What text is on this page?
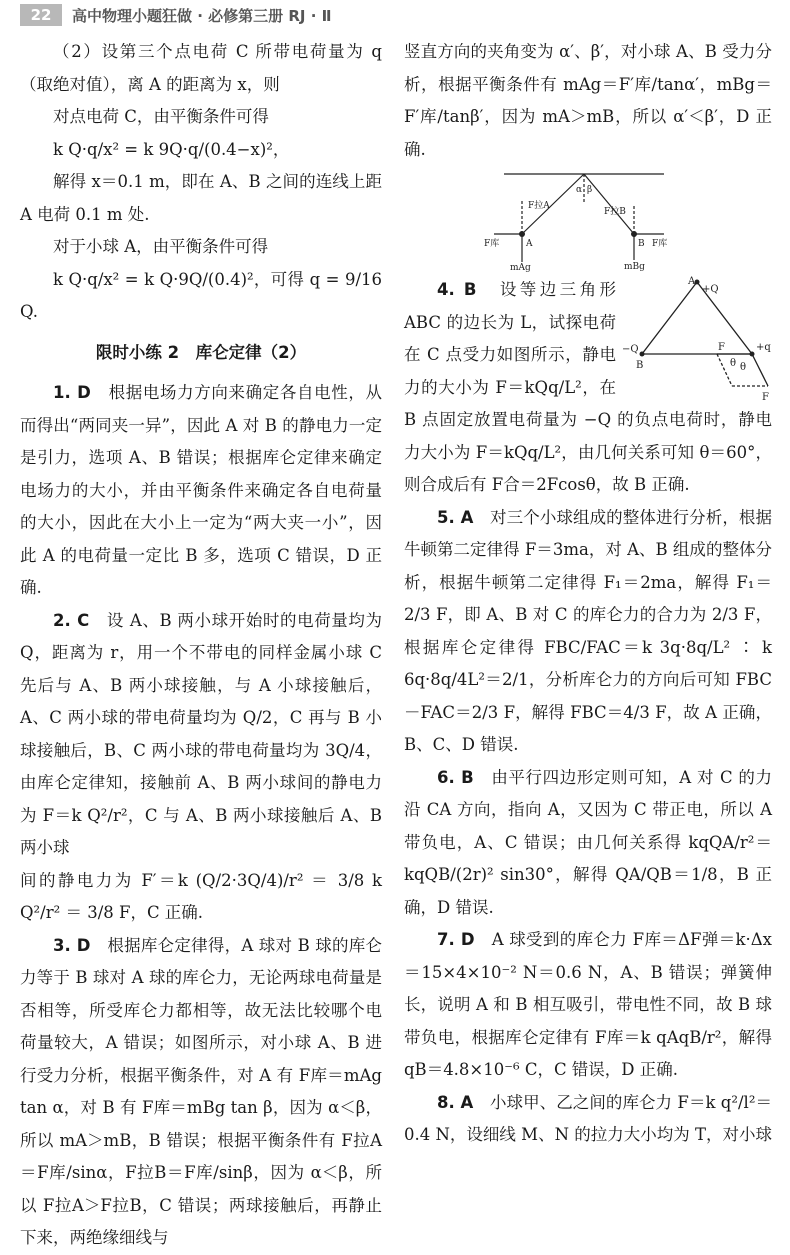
22	高中物理小题狂做 · 必修第三册 RJ · Ⅱ

（2）设第三个点电荷 C 所带电荷量为 q（取绝对值），离 A 的距离为 x，则

对点电荷 C，由平衡条件可得

k Q·q/x² = k 9Q·q/(0.4−x)²，

解得 x＝0.1 m，即在 A、B 之间的连线上距 A 电荷 0.1 m 处.

对于小球 A，由平衡条件可得

k Q·q/x² = k Q·9Q/(0.4)²，可得 q = 9/16 Q.

限时小练 2　库仑定律（2）

1. D　 根据电场力方向来确定各自电性，从而得出“两同夹一异”，因此 A 对 B 的静电力一定是引力，选项 A、B 错误；根据库仑定律来确定电场力的大小，并由平衡条件来确定各自电荷量的大小，因此在大小上一定为“两大夹一小”，因此 A 的电荷量一定比 B 多，选项 C 错误，D 正确.

2. C　 设 A、B 两小球开始时的电荷量均为 Q，距离为 r，用一个不带电的同样金属小球 C 先后与 A、B 两小球接触，与 A 小球接触后，A、C 两小球的带电荷量均为 Q/2，C 再与 B 小球接触后，B、C 两小球的带电荷量均为 3Q/4，由库仑定律知，接触前 A、B 两小球间的静电力为 F＝k Q²/r²，C 与 A、B 两小球接触后 A、B 两小球

间的静电力为 F′＝k (Q/2·3Q/4)/r² ＝ 3/8 k Q²/r² ＝ 3/8 F，C 正确.

3. D　 根据库仑定律得，A 球对 B 球的库仑力等于 B 球对 A 球的库仑力，无论两球电荷量是否相等，所受库仑力都相等，故无法比较哪个电荷量较大，A 错误；如图所示，对小球 A、B 进行受力分析，根据平衡条件，对 A 有 F库＝mAg tan α，对 B 有 F库＝mBg tan β，因为 α＜β，所以 mA＞mB，B 错误；根据平衡条件有 F拉A＝F库/sinα，F拉B＝F库/sinβ，因为 α＜β，所以 F拉A＞F拉B，C 错误；两球接触后，再静止下来，两绝缘细线与

竖直方向的夹角变为 α′、β′，对小球 A、B 受力分析，根据平衡条件有 mAg＝F′库/tanα′，mBg＝F′库/tanβ′，因为 mA＞mB，所以 α′＜β′，D 正确.

α β
F拉A
F拉B
F库	F库
A	B
mAg	mBg

A
+Q
−Q
B
F	+q
θ
θ
F
4. B　 设等边三角形 ABC 的边长为 L，试探电荷在 C 点受力如图所示，静电力的大小为 F＝kQq/L²，在 B 点固定放置电荷量为 −Q 的负点电荷时，静电力大小为 F＝kQq/L²，由几何关系可知 θ＝60°，则合成后有 F合＝2Fcosθ，故 B 正确.

5. A　 对三个小球组成的整体进行分析，根据牛顿第二定律得 F＝3ma，对 A、B 组成的整体分析，根据牛顿第二定律得 F₁＝2ma，解得 F₁＝2/3 F，即 A、B 对 C 的库仑力的合力为 2/3 F，根据库仑定律得 FBC/FAC＝k 3q·8q/L² ∶ k 6q·8q/4L²＝2/1，分析库仑力的方向后可知 FBC－FAC＝2/3 F，解得 FBC＝4/3 F，故 A 正确，B、C、D 错误.

6. B　 由平行四边形定则可知，A 对 C 的力沿 CA 方向，指向 A，又因为 C 带正电，所以 A 带负电，A、C 错误；由几何关系得 kqQA/r²＝kqQB/(2r)² sin30°，解得 QA/QB＝1/8，B 正确，D 错误.

7. D　 A 球受到的库仑力 F库＝ΔF弹＝k·Δx＝15×4×10⁻² N＝0.6 N，A、B 错误；弹簧伸长，说明 A 和 B 相互吸引，带电性不同，故 B 球带负电，根据库仑定律有 F库＝k qAqB/r²，解得 qB＝4.8×10⁻⁶ C，C 错误，D 正确.

8. A　 小球甲、乙之间的库仑力 F＝k q²/l²＝0.4 N，设细线 M、N 的拉力大小均为 T，对小球
